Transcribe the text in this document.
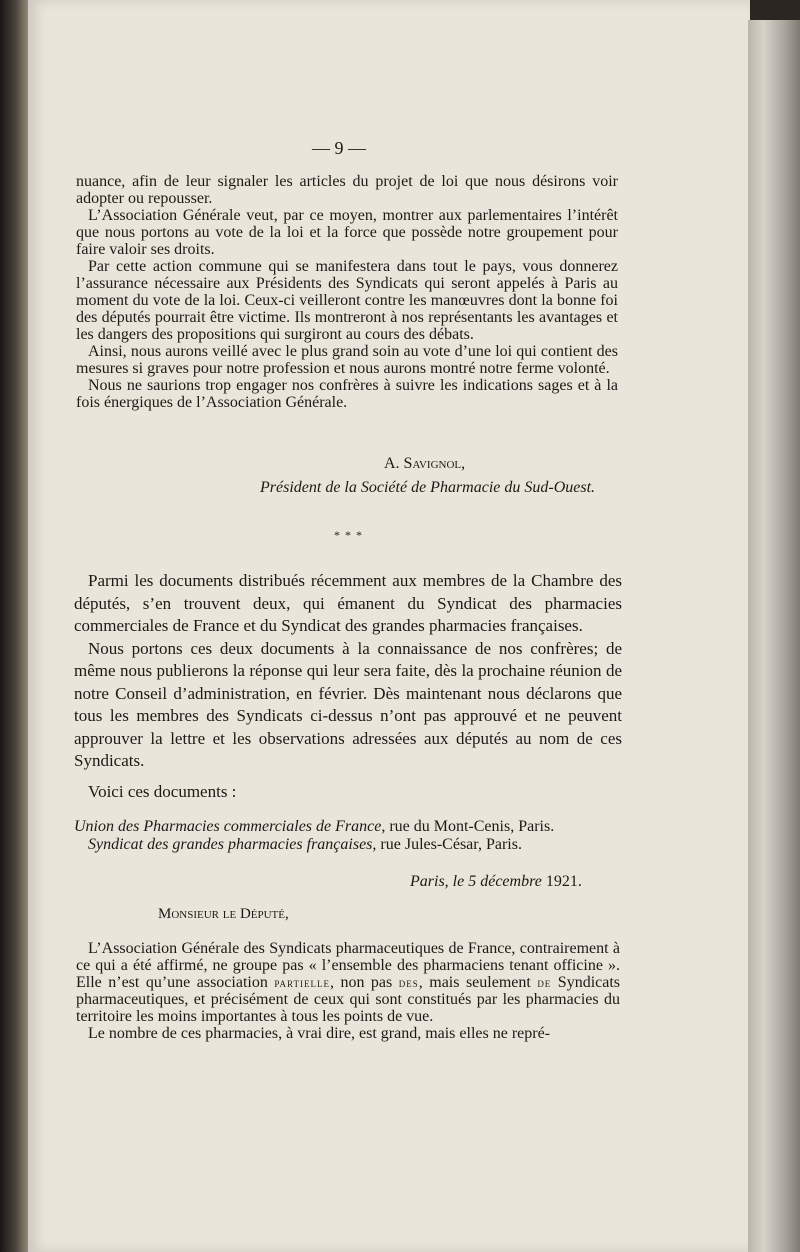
— 9 —

nuance, afin de leur signaler les articles du projet de loi que nous désirons voir adopter ou repousser.

L’Association Générale veut, par ce moyen, montrer aux parlementaires l’intérêt que nous portons au vote de la loi et la force que possède notre groupement pour faire valoir ses droits.

Par cette action commune qui se manifestera dans tout le pays, vous donnerez l’assurance nécessaire aux Présidents des Syndicats qui seront appelés à Paris au moment du vote de la loi. Ceux-ci veilleront contre les manœuvres dont la bonne foi des députés pourrait être victime. Ils montreront à nos représentants les avantages et les dangers des propositions qui surgiront au cours des débats.

Ainsi, nous aurons veillé avec le plus grand soin au vote d’une loi qui contient des mesures si graves pour notre profession et nous aurons montré notre ferme volonté.

Nous ne saurions trop engager nos confrères à suivre les indications sages et à la fois énergiques de l’Association Générale.

A. Savignol,
Président de la Société de Pharmacie du Sud-Ouest.
* * *

Parmi les documents distribués récemment aux membres de la Chambre des députés, s’en trouvent deux, qui émanent du Syndicat des pharmacies commerciales de France et du Syndicat des grandes pharmacies françaises.

Nous portons ces deux documents à la connaissance de nos confrères; de même nous publierons la réponse qui leur sera faite, dès la prochaine réunion de notre Conseil d’administration, en février. Dès maintenant nous déclarons que tous les membres des Syndicats ci-dessus n’ont pas approuvé et ne peuvent approuver la lettre et les observations adressées aux députés au nom de ces Syndicats.

Voici ces documents :

Union des Pharmacies commerciales de France, rue du Mont-Cenis, Paris.
Syndicat des grandes pharmacies françaises, rue Jules-César, Paris.
Paris, le 5 décembre 1921.
Monsieur le Député,

L’Association Générale des Syndicats pharmaceutiques de France, contrairement à ce qui a été affirmé, ne groupe pas « l’ensemble des pharmaciens tenant officine ». Elle n’est qu’une association partielle, non pas des, mais seulement de Syndicats pharmaceutiques, et précisément de ceux qui sont constitués par les pharmacies du territoire les moins importantes à tous les points de vue.

Le nombre de ces pharmacies, à vrai dire, est grand, mais elles ne repré-
